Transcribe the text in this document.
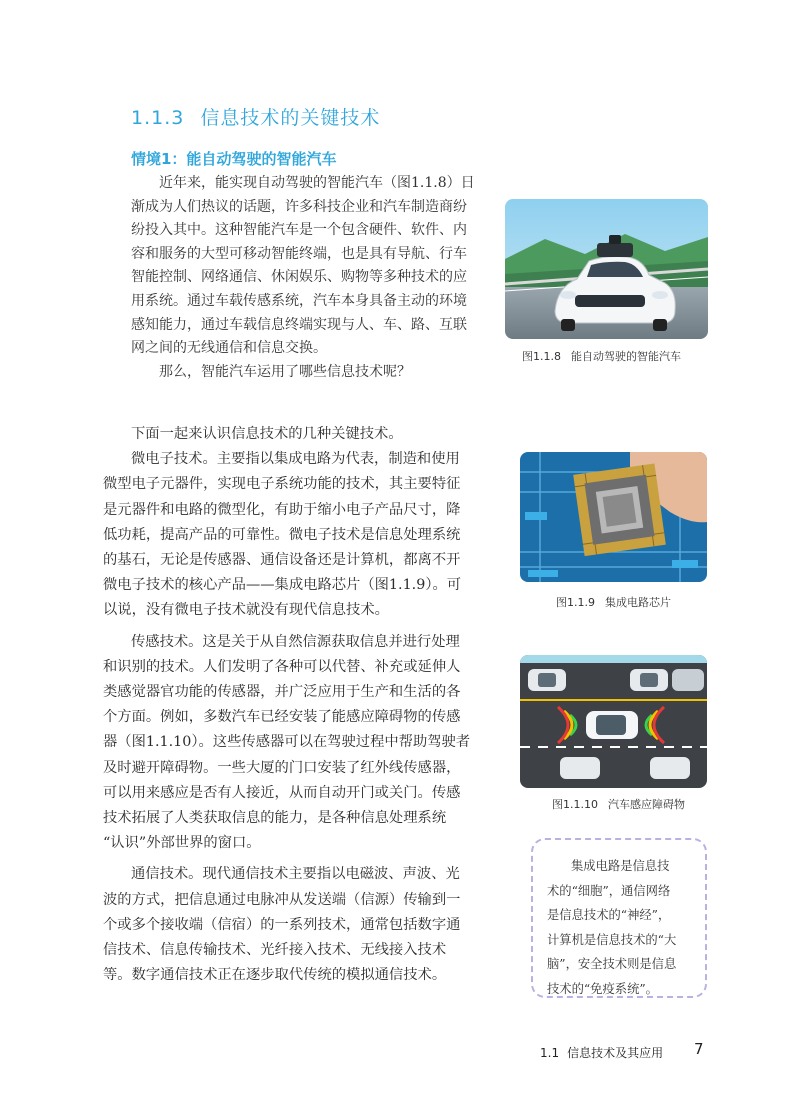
1.1.3 信息技术的关键技术
情境1：能自动驾驶的智能汽车
近年来，能实现自动驾驶的智能汽车（图1.1.8）日
渐成为人们热议的话题，许多科技企业和汽车制造商纷
纷投入其中。这种智能汽车是一个包含硬件、软件、内
容和服务的大型可移动智能终端，也是具有导航、行车
智能控制、网络通信、休闲娱乐、购物等多种技术的应
用系统。通过车载传感系统，汽车本身具备主动的环境
感知能力，通过车载信息终端实现与人、车、路、互联
网之间的无线通信和信息交换。
那么，智能汽车运用了哪些信息技术呢？
图1.1.8 能自动驾驶的智能汽车
下面一起来认识信息技术的几种关键技术。
微电子技术。主要指以集成电路为代表，制造和使用
微型电子元器件，实现电子系统功能的技术，其主要特征
是元器件和电路的微型化，有助于缩小电子产品尺寸，降
低功耗，提高产品的可靠性。微电子技术是信息处理系统
的基石，无论是传感器、通信设备还是计算机，都离不开
微电子技术的核心产品——集成电路芯片（图1.1.9）。可
以说，没有微电子技术就没有现代信息技术。
传感技术。这是关于从自然信源获取信息并进行处理
和识别的技术。人们发明了各种可以代替、补充或延伸人
类感觉器官功能的传感器，并广泛应用于生产和生活的各
个方面。例如，多数汽车已经安装了能感应障碍物的传感
器（图1.1.10）。这些传感器可以在驾驶过程中帮助驾驶者
及时避开障碍物。一些大厦的门口安装了红外线传感器，
可以用来感应是否有人接近，从而自动开门或关门。传感
技术拓展了人类获取信息的能力，是各种信息处理系统
“认识”外部世界的窗口。
通信技术。现代通信技术主要指以电磁波、声波、光
波的方式，把信息通过电脉冲从发送端（信源）传输到一
个或多个接收端（信宿）的一系列技术，通常包括数字通
信技术、信息传输技术、光纤接入技术、无线接入技术
等。数字通信技术正在逐步取代传统的模拟通信技术。
图1.1.9 集成电路芯片
图1.1.10 汽车感应障碍物
集成电路是信息技
术的“细胞”，通信网络
是信息技术的“神经”，
计算机是信息技术的“大
脑”，安全技术则是信息
技术的“免疫系统”。
1.1 信息技术及其应用 7
